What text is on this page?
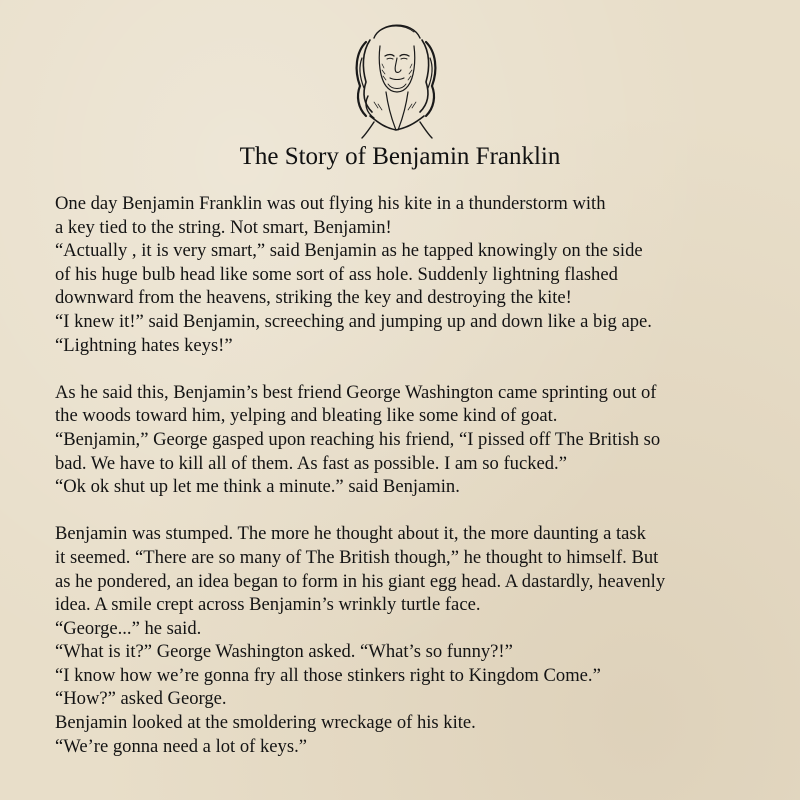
The Story of Benjamin Franklin
One day Benjamin Franklin was out flying his kite in a thunderstorm with
a key tied to the string. Not smart, Benjamin!
“Actually , it is very smart,” said Benjamin as he tapped knowingly on the side
of his huge bulb head like some sort of ass hole. Suddenly lightning flashed
downward from the heavens, striking the key and destroying the kite!
“I knew it!” said Benjamin, screeching and jumping up and down like a big ape.
“Lightning hates keys!”
As he said this, Benjamin’s best friend George Washington came sprinting out of
the woods toward him, yelping and bleating like some kind of goat.
“Benjamin,” George gasped upon reaching his friend, “I pissed off The British so
bad. We have to kill all of them. As fast as possible. I am so fucked.”
“Ok ok shut up let me think a minute.” said Benjamin.
Benjamin was stumped. The more he thought about it, the more daunting a task
it seemed. “There are so many of The British though,” he thought to himself. But
as he pondered, an idea began to form in his giant egg head. A dastardly, heavenly
idea. A smile crept across Benjamin’s wrinkly turtle face.
“George...” he said.
“What is it?” George Washington asked. “What’s so funny?!”
“I know how we’re gonna fry all those stinkers right to Kingdom Come.”
“How?” asked George.
Benjamin looked at the smoldering wreckage of his kite.
“We’re gonna need a lot of keys.”
